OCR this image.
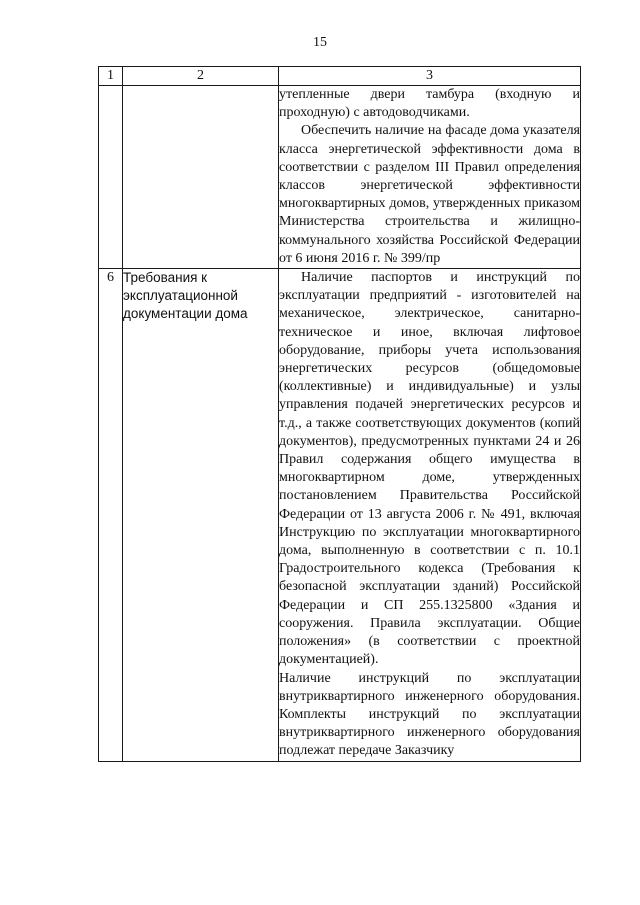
15
1	2	3

		утепленные двери тамбура (входную и проходную) с автодоводчиками.

Обеспечить наличие на фасаде дома указателя класса энергетической эффективности дома в соответствии с разделом III Правил определения классов энергетической эффективности многоквартирных домов, утвержденных приказом Министерства строительства и жилищно-коммунального хозяйства Российской Федерации от 6 июня 2016 г. № 399/пр

6	Требования к эксплуатационной документации дома	Наличие паспортов и инструкций по эксплуатации предприятий - изготовителей на механическое, электрическое, санитарно-техническое и иное, включая лифтовое оборудование, приборы учета использования энергетических ресурсов (общедомовые (коллективные) и индивидуальные) и узлы управления подачей энергетических ресурсов и т.д., а также соответствующих документов (копий документов), предусмотренных пунктами 24 и 26 Правил содержания общего имущества в многоквартирном доме, утвержденных постановлением Правительства Российской Федерации от 13 августа 2006 г. № 491, включая Инструкцию по эксплуатации многоквартирного дома, выполненную в соответствии с п. 10.1 Градостроительного кодекса (Требования к безопасной эксплуатации зданий) Российской Федерации и СП 255.1325800 «Здания и сооружения. Правила эксплуатации. Общие положения» (в соответствии с проектной документацией).

Наличие инструкций по эксплуатации внутриквартирного инженерного оборудования. Комплекты инструкций по эксплуатации внутриквартирного инженерного оборудования подлежат передаче Заказчику
